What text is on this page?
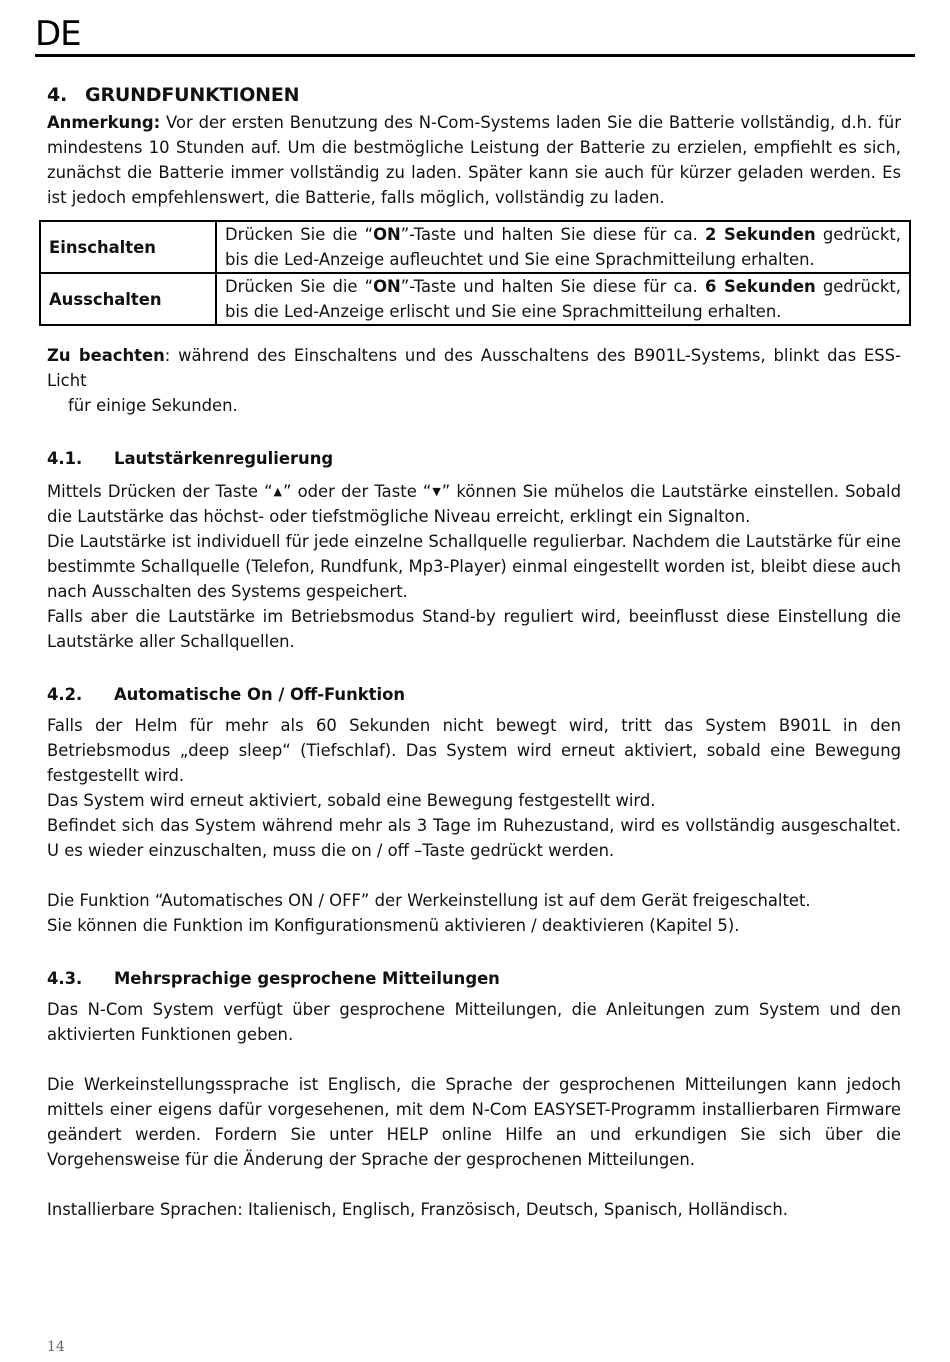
DE
4. GRUNDFUNKTIONEN

Anmerkung: Vor der ersten Benutzung des N-Com-Systems laden Sie die Batterie vollständig, d.h. für mindestens 10 Stunden auf. Um die bestmögliche Leistung der Batterie zu erzielen, empfiehlt es sich, zunächst die Batterie immer vollständig zu laden. Später kann sie auch für kürzer geladen werden. Es ist jedoch empfehlenswert, die Batterie, falls möglich, vollständig zu laden.

Einschalten	Drücken Sie die “ON”-Taste und halten Sie diese für ca. 2 Sekunden gedrückt, bis die Led-Anzeige aufleuchtet und Sie eine Sprachmitteilung erhalten.
Ausschalten	Drücken Sie die “ON”-Taste und halten Sie diese für ca. 6 Sekunden gedrückt, bis die Led-Anzeige erlischt und Sie eine Sprachmitteilung erhalten.

Zu beachten: während des Einschaltens und des Ausschaltens des B901L-Systems, blinkt das ESS-Licht
für einige Sekunden.

4.1.	Lautstärkenregulierung

Mittels Drücken der Taste “▲” oder der Taste “▼” können Sie mühelos die Lautstärke einstellen. Sobald die Lautstärke das höchst- oder tiefstmögliche Niveau erreicht, erklingt ein Signalton.

Die Lautstärke ist individuell für jede einzelne Schallquelle regulierbar. Nachdem die Lautstärke für eine bestimmte Schallquelle (Telefon, Rundfunk, Mp3-Player) einmal eingestellt worden ist, bleibt diese auch nach Ausschalten des Systems gespeichert.

Falls aber die Lautstärke im Betriebsmodus Stand-by reguliert wird, beeinflusst diese Einstellung die Lautstärke aller Schallquellen.

4.2.	Automatische On / Off-Funktion

Falls der Helm für mehr als 60 Sekunden nicht bewegt wird, tritt das System B901L in den Betriebsmodus „deep sleep“ (Tiefschlaf). Das System wird erneut aktiviert, sobald eine Bewegung festgestellt wird.

Das System wird erneut aktiviert, sobald eine Bewegung festgestellt wird.

Befindet sich das System während mehr als 3 Tage im Ruhezustand, wird es vollständig ausgeschaltet. U es wieder einzuschalten, muss die on / off –Taste gedrückt werden.

Die Funktion “Automatisches ON / OFF” der Werkeinstellung ist auf dem Gerät freigeschaltet.

Sie können die Funktion im Konfigurationsmenü aktivieren / deaktivieren (Kapitel 5).

4.3.	Mehrsprachige gesprochene Mitteilungen

Das N-Com System verfügt über gesprochene Mitteilungen, die Anleitungen zum System und den aktivierten Funktionen geben.

Die Werkeinstellungssprache ist Englisch, die Sprache der gesprochenen Mitteilungen kann jedoch mittels einer eigens dafür vorgesehenen, mit dem N-Com EASYSET-Programm installierbaren Firmware geändert werden. Fordern Sie unter HELP online Hilfe an und erkundigen Sie sich über die Vorgehensweise für die Änderung der Sprache der gesprochenen Mitteilungen.

Installierbare Sprachen: Italienisch, Englisch, Französisch, Deutsch, Spanisch, Holländisch.

14
